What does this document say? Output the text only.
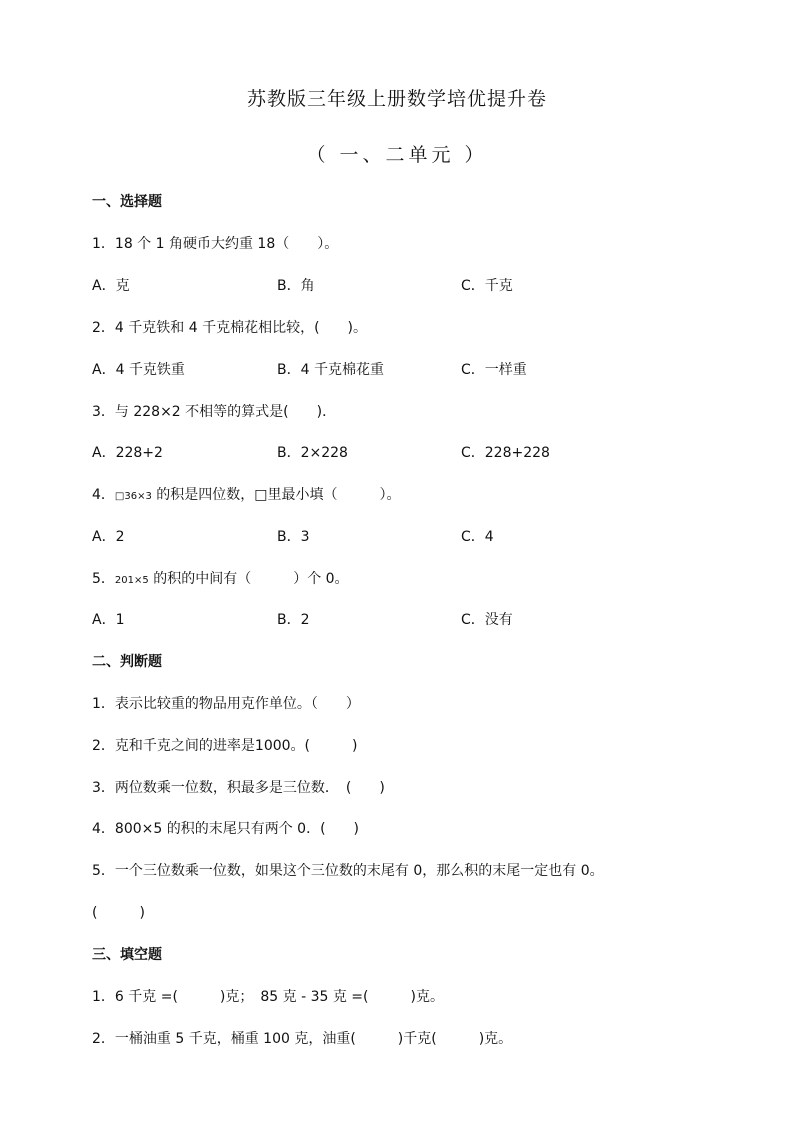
苏教版三年级上册数学培优提升卷
（ 一、二单元 ）
一、选择题
1．18 个 1 角硬币大约重 18（　　）。
A．克	B．角	C．千克
2．4 千克铁和 4 千克棉花相比较，(　　)。
A．4 千克铁重	B．4 千克棉花重	C．一样重
3．与 228×2 不相等的算式是(　　)．
A．228+2	B．2×228	C．228+228
4．□36×3 的积是四位数，□里最小填（　　　）。
A．2	B．3	C．4
5．201×5 的积的中间有（　　　）个 0。
A．1	B．2	C．没有
二、判断题
1．表示比较重的物品用克作单位。（　　）
2．克和千克之间的进率是1000。(　　　)
3．两位数乘一位数，积最多是三位数．　(　　)
4．800×5 的积的末尾只有两个 0．(　　)
5．一个三位数乘一位数，如果这个三位数的末尾有 0，那么积的末尾一定也有 0。
(　　　)
三、填空题
1．6 千克 =(　　　)克；　85 克 - 35 克 =(　　　)克。
2．一桶油重 5 千克，桶重 100 克，油重(　　　)千克(　　　)克。
